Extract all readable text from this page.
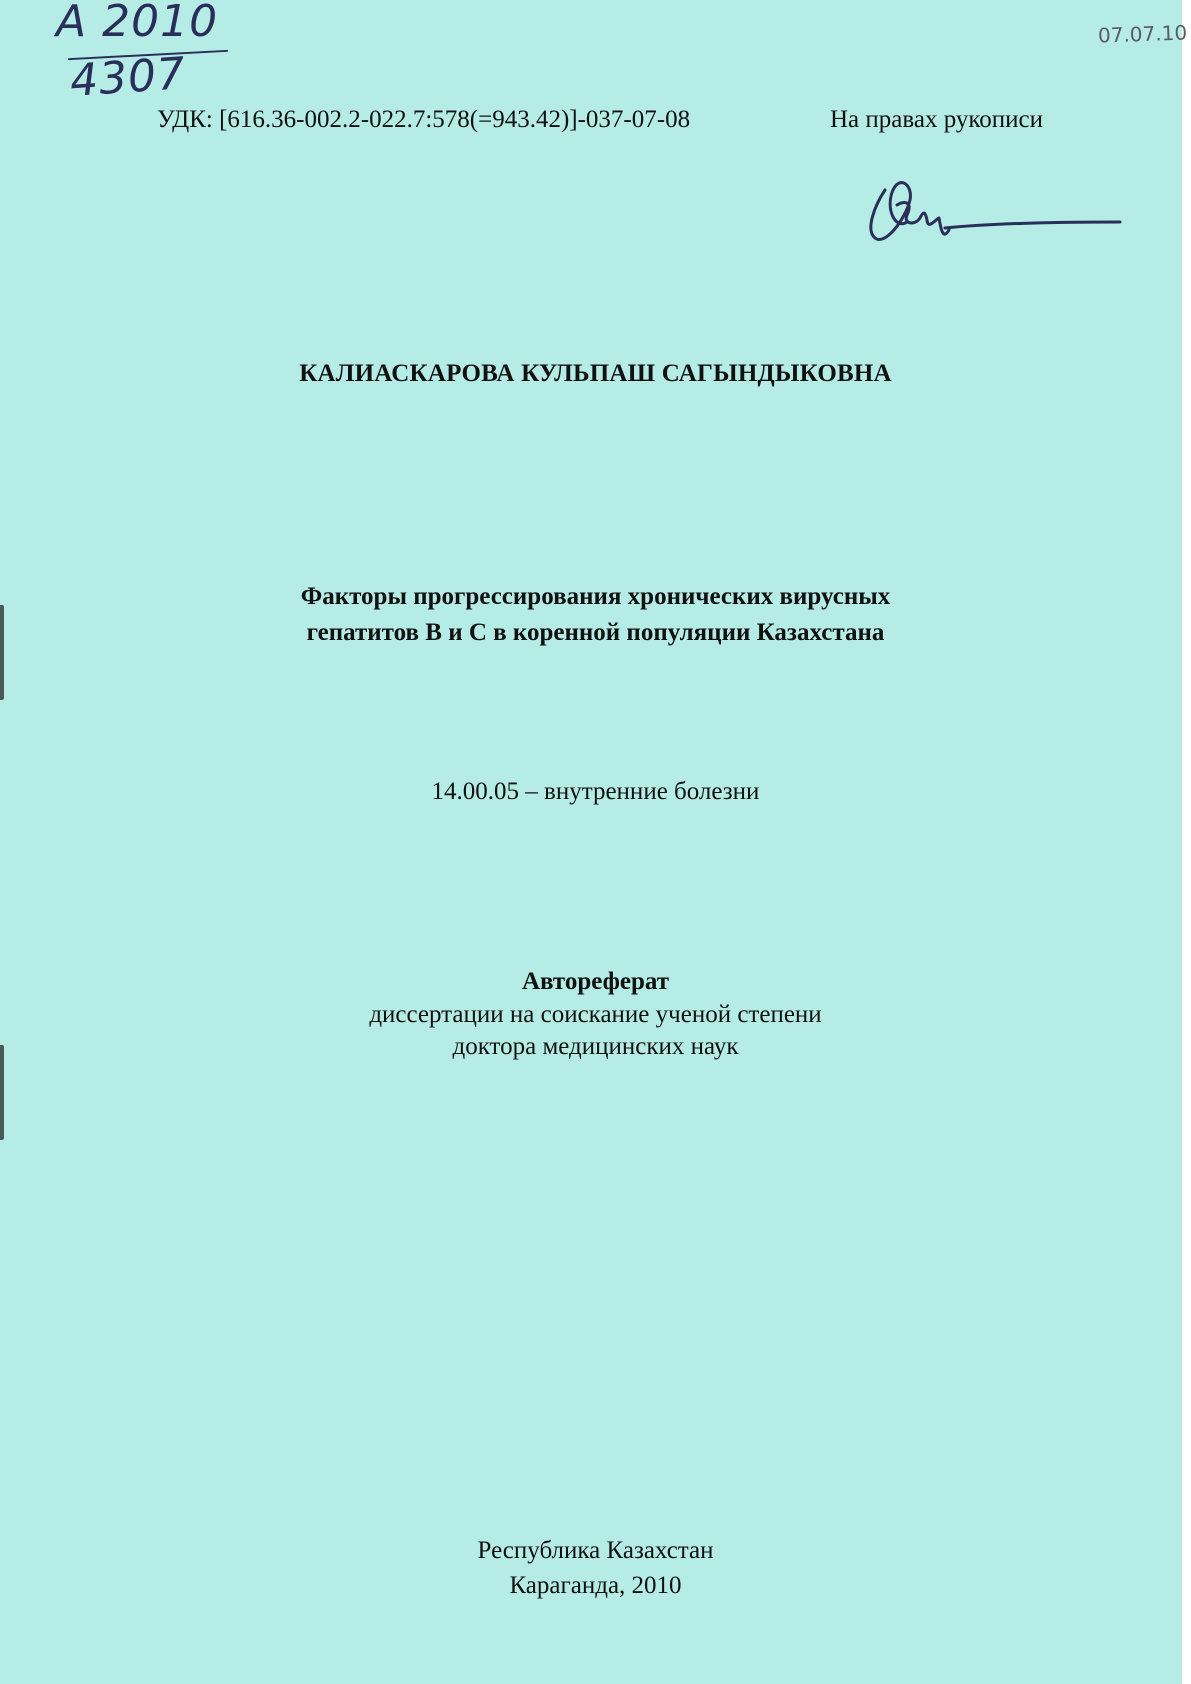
A 2010
4307
07.07.10
УДК: [616.36-002.2-022.7:578(=943.42)]-037-07-08	На правах рукописи
КАЛИАСКАРОВА КУЛЬПАШ САГЫНДЫКОВНА
Факторы прогрессирования хронических вирусных
гепатитов В и С в коренной популяции Казахстана
14.00.05 – внутренние болезни
Автореферат
диссертации на соискание ученой степени
доктора медицинских наук
Республика Казахстан
Караганда, 2010
